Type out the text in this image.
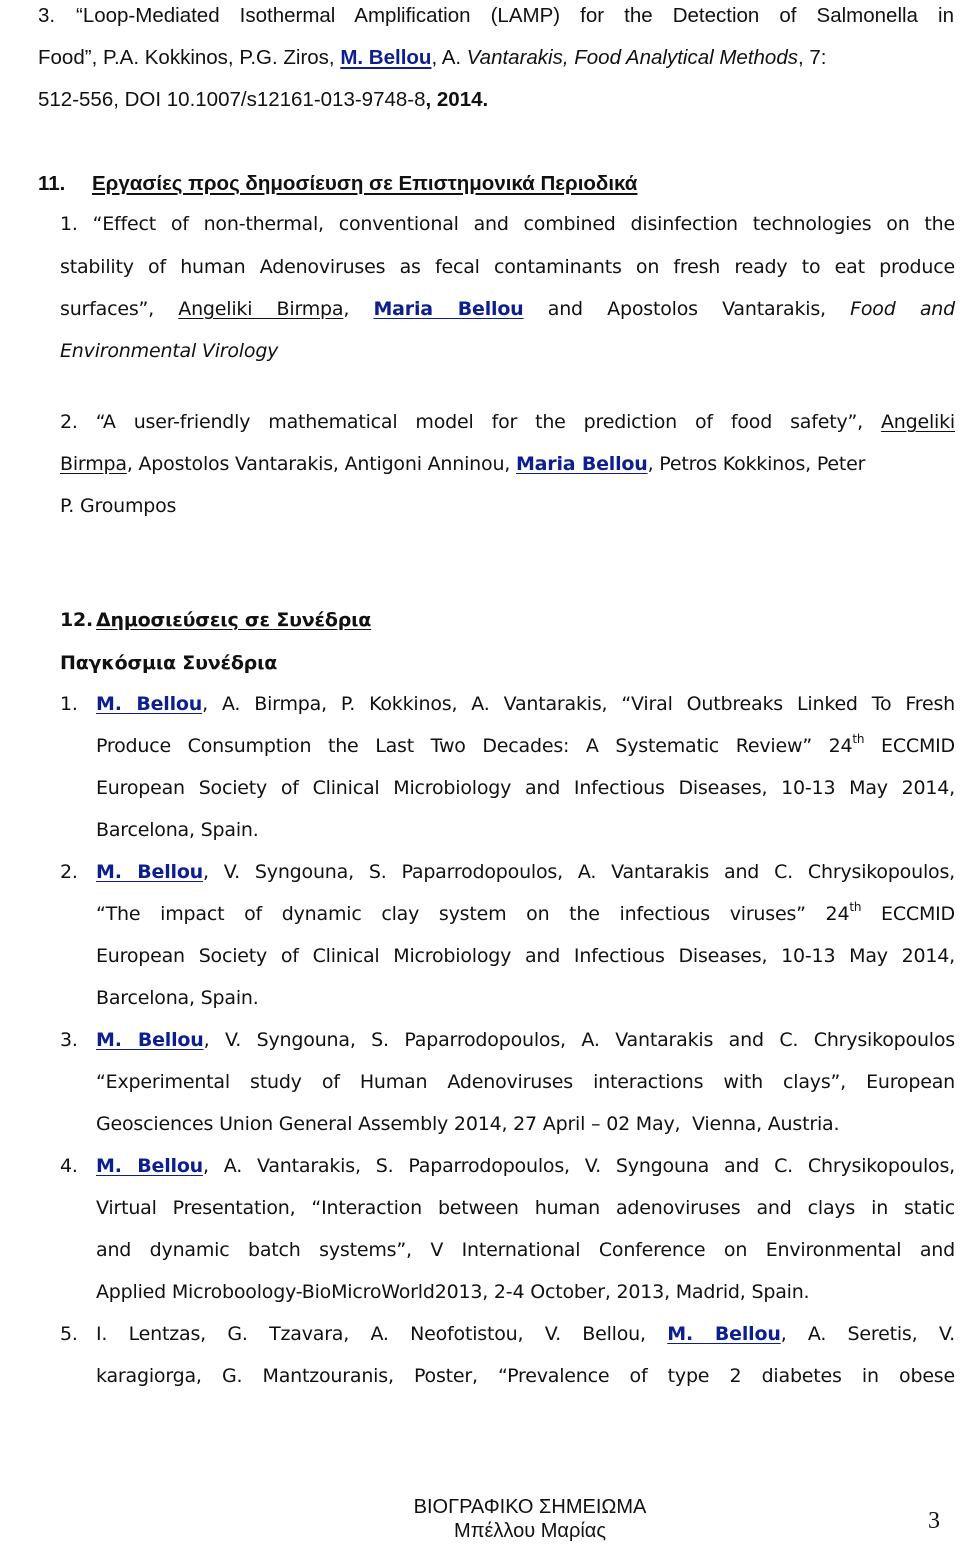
3. “Loop-Mediated Isothermal Amplification (LAMP) for the Detection of Salmonella in
Food”, P.A. Kokkinos, P.G. Ziros, M. Bellou, A. Vantarakis, Food Analytical Methods, 7:
512-556, DOI 10.1007/s12161-013-9748-8, 2014.
11. Εργασίες προς δημοσίευση σε Επιστημονικά Περιοδικά
1. “Effect of non-thermal, conventional and combined disinfection technologies on the
stability of human Adenoviruses as fecal contaminants on fresh ready to eat produce
surfaces”, Angeliki Birmpa, Maria Bellou and Apostolos Vantarakis, Food and
Environmental Virology
2. “A user-friendly mathematical model for the prediction of food safety”, Angeliki
Birmpa, Apostolos Vantarakis, Antigoni Anninou, Maria Bellou, Petros Kokkinos, Peter
P. Groumpos
12. Δημοσιεύσεις σε Συνέδρια
Παγκόσμια Συνέδρια
1. M. Bellou, A. Birmpa, P. Kokkinos, A. Vantarakis, “Viral Outbreaks Linked To Fresh
Produce Consumption the Last Two Decades: A Systematic Review” 24th ECCMID
European Society of Clinical Microbiology and Infectious Diseases, 10-13 May 2014,
Barcelona, Spain.
2. M. Bellou, V. Syngouna, S. Paparrodopoulos, A. Vantarakis and C. Chrysikopoulos,
“The impact of dynamic clay system on the infectious viruses” 24th ECCMID
European Society of Clinical Microbiology and Infectious Diseases, 10-13 May 2014,
Barcelona, Spain.
3. M. Bellou, V. Syngouna, S. Paparrodopoulos, A. Vantarakis and C. Chrysikopoulos
“Experimental study of Human Adenoviruses interactions with clays”, European
Geosciences Union General Assembly 2014, 27 April – 02 May,  Vienna, Austria.
4. M. Bellou, A. Vantarakis, S. Paparrodopoulos, V. Syngouna and C. Chrysikopoulos,
Virtual Presentation, “Interaction between human adenoviruses and clays in static
and dynamic batch systems”, V International Conference on Environmental and
Applied Microboology-BioMicroWorld2013, 2-4 October, 2013, Madrid, Spain.
5. I. Lentzas, G. Tzavara, A. Neofotistou, V. Bellou, M. Bellou, A. Seretis, V.
karagiorga, G. Mantzouranis, Poster, “Prevalence of type 2 diabetes in obese
ΒΙΟΓΡΑΦΙΚΟ ΣΗΜΕΙΩΜΑ
Μπέλλου Μαρίας	3
